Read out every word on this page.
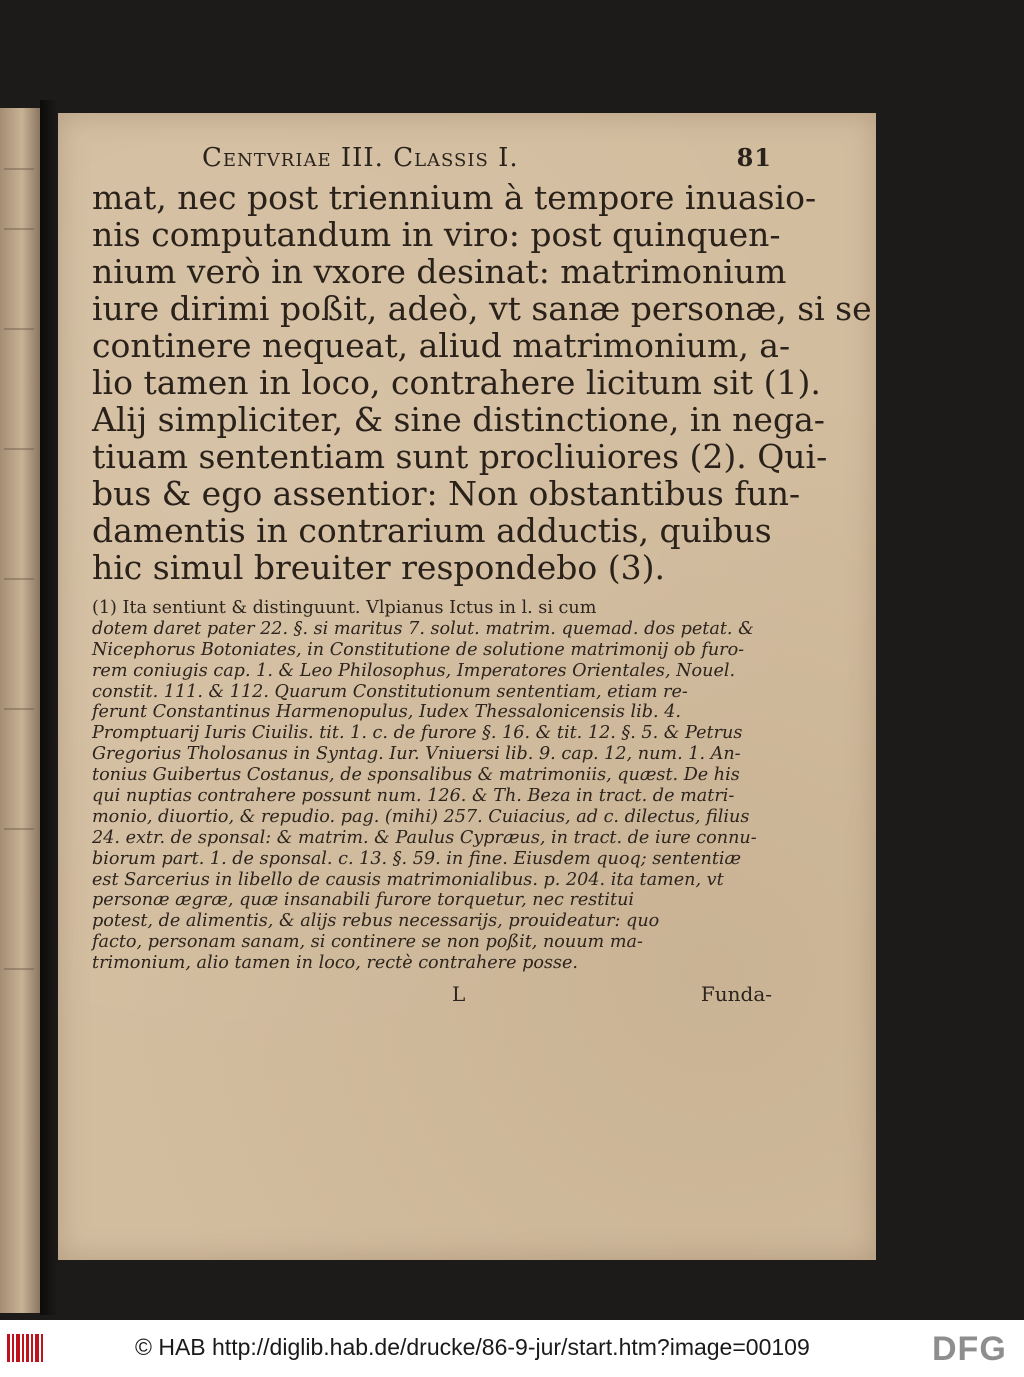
Centvriae III. Classis I.	81
mat, nec post triennium à tempore inuasio-
nis computandum in viro: post quinquen-
nium verò in vxore desinat: matrimonium
iure dirimi poßit, adeò, vt sanæ personæ, si se
continere nequeat, aliud matrimonium, a-
lio tamen in loco, contrahere licitum sit (1).
Alij simpliciter, & sine distinctione, in nega-
tiuam sententiam sunt procliuiores (2). Qui-
bus & ego assentior: Non obstantibus fun-
damentis in contrarium adductis, quibus
hic simul breuiter respondebo (3).
(1) Ita sentiunt & distinguunt. Vlpianus Ictus in l. si cum
dotem daret pater 22. §. si maritus 7. solut. matrim. quemad. dos petat. &
Nicephorus Botoniates, in Constitutione de solutione matrimonij ob furo-
rem coniugis cap. 1. & Leo Philosophus, Imperatores Orientales, Nouel.
constit. 111. & 112. Quarum Constitutionum sententiam, etiam re-
ferunt Constantinus Harmenopulus, Iudex Thessalonicensis lib. 4.
Promptuarij Iuris Ciuilis. tit. 1. c. de furore §. 16. & tit. 12. §. 5. & Petrus
Gregorius Tholosanus in Syntag. Iur. Vniuersi lib. 9. cap. 12, num. 1. An-
tonius Guibertus Costanus, de sponsalibus & matrimoniis, quæst. De his
qui nuptias contrahere possunt num. 126. & Th. Beza in tract. de matri-
monio, diuortio, & repudio. pag. (mihi) 257. Cuiacius, ad c. dilectus, filius
24. extr. de sponsal: & matrim. & Paulus Cypræus, in tract. de iure connu-
biorum part. 1. de sponsal. c. 13. §. 59. in fine. Eiusdem quoq; sententiæ
est Sarcerius in libello de causis matrimonialibus. p. 204. ita tamen, vt
personæ ægræ, quæ insanabili furore torquetur, nec restitui
potest, de alimentis, & alijs rebus necessarijs, prouideatur: quo
facto, personam sanam, si continere se non poßit, nouum ma-
trimonium, alio tamen in loco, rectè contrahere posse.
L	Funda-
© HAB http://diglib.hab.de/drucke/86-9-jur/start.htm?image=00109	DFG
